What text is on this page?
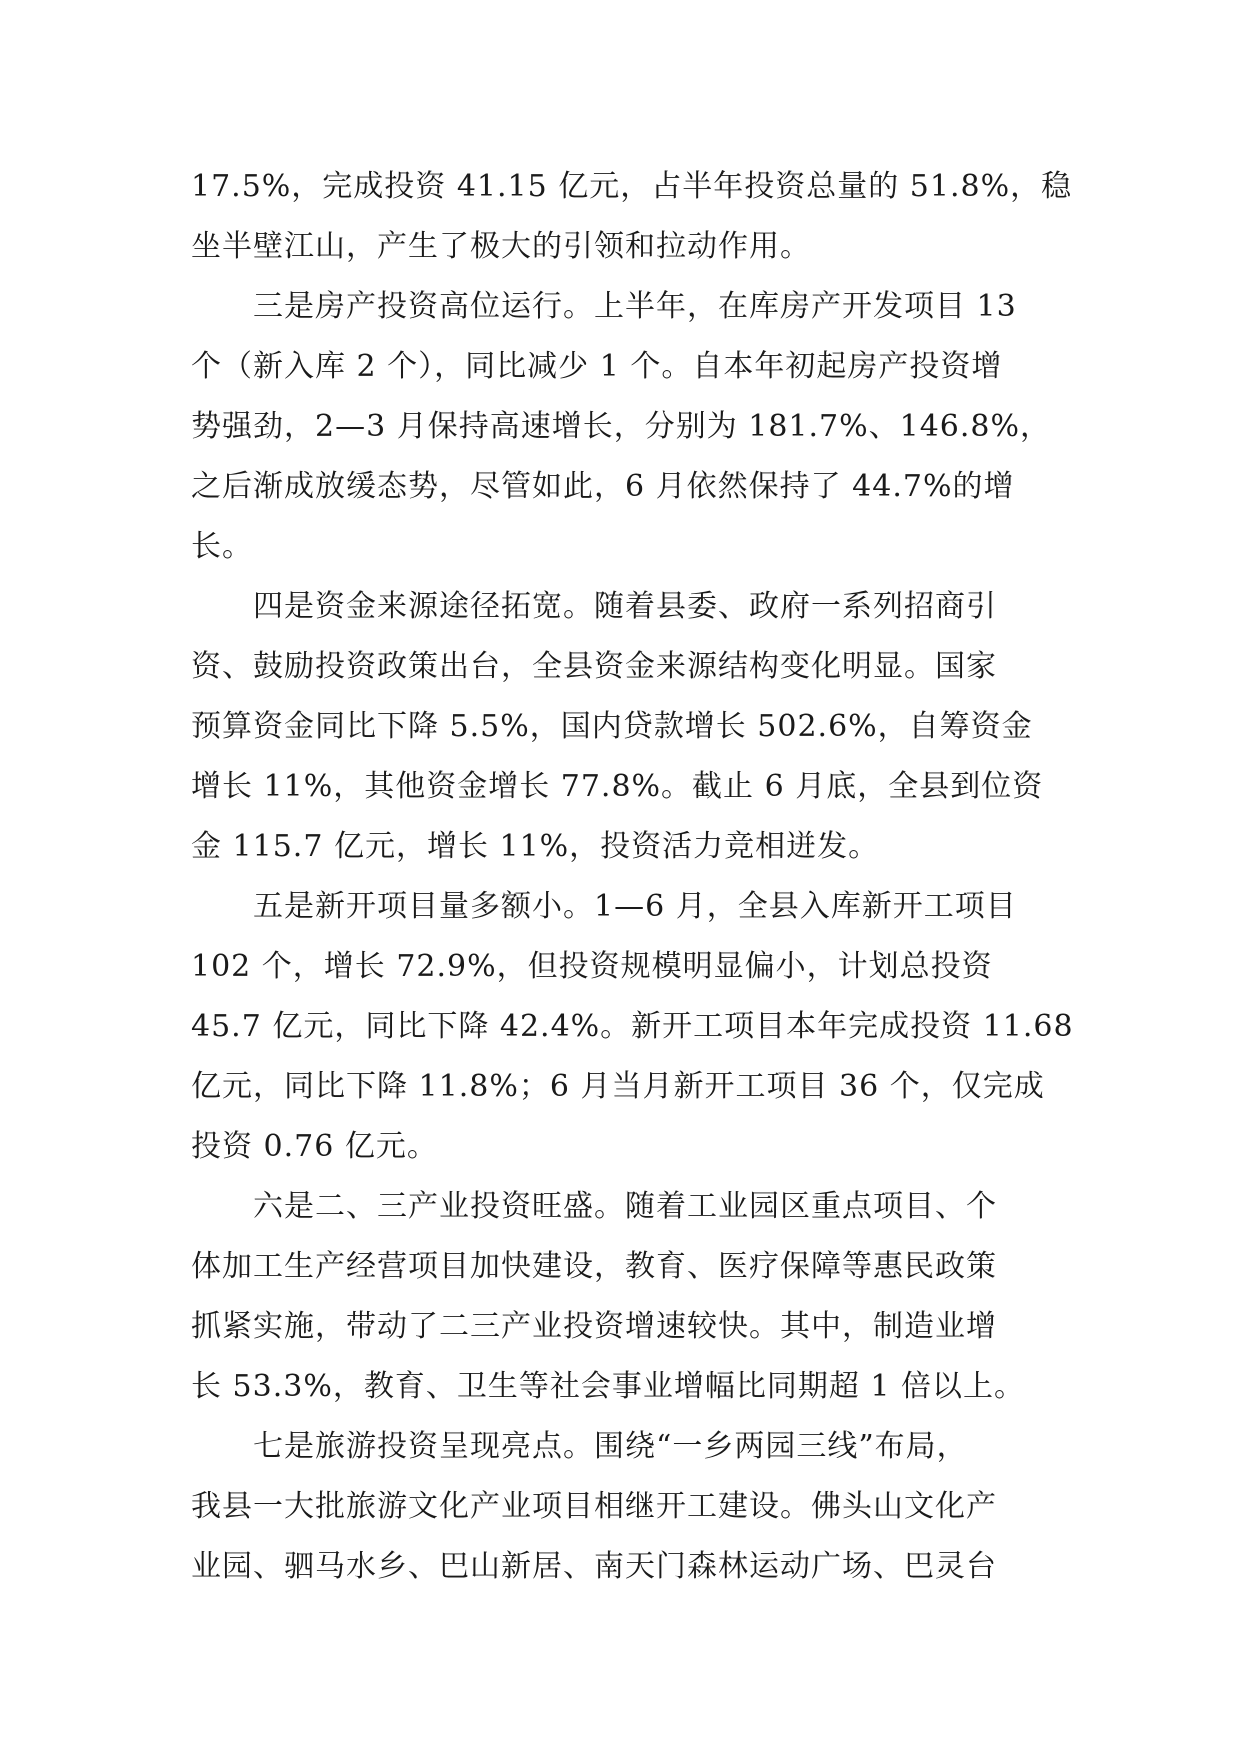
17.5%，完成投资 41.15 亿元，占半年投资总量的 51.8%，稳
坐半壁江山，产生了极大的引领和拉动作用。
三是房产投资高位运行。上半年，在库房产开发项目 13
个（新入库 2 个），同比减少 1 个。自本年初起房产投资增
势强劲，2—3 月保持高速增长，分别为 181.7%、146.8%，
之后渐成放缓态势，尽管如此，6 月依然保持了 44.7%的增
长。
四是资金来源途径拓宽。随着县委、政府一系列招商引
资、鼓励投资政策出台，全县资金来源结构变化明显。国家
预算资金同比下降 5.5%，国内贷款增长 502.6%，自筹资金
增长 11%，其他资金增长 77.8%。截止 6 月底，全县到位资
金 115.7 亿元，增长 11%，投资活力竞相迸发。
五是新开项目量多额小。1—6 月，全县入库新开工项目
102 个，增长 72.9%，但投资规模明显偏小，计划总投资
45.7 亿元，同比下降 42.4%。新开工项目本年完成投资 11.68
亿元，同比下降 11.8%；6 月当月新开工项目 36 个，仅完成
投资 0.76 亿元。
六是二、三产业投资旺盛。随着工业园区重点项目、个
体加工生产经营项目加快建设，教育、医疗保障等惠民政策
抓紧实施，带动了二三产业投资增速较快。其中，制造业增
长 53.3%，教育、卫生等社会事业增幅比同期超 1 倍以上。
七是旅游投资呈现亮点。围绕“一乡两园三线”布局，
我县一大批旅游文化产业项目相继开工建设。佛头山文化产
业园、驷马水乡、巴山新居、南天门森林运动广场、巴灵台
